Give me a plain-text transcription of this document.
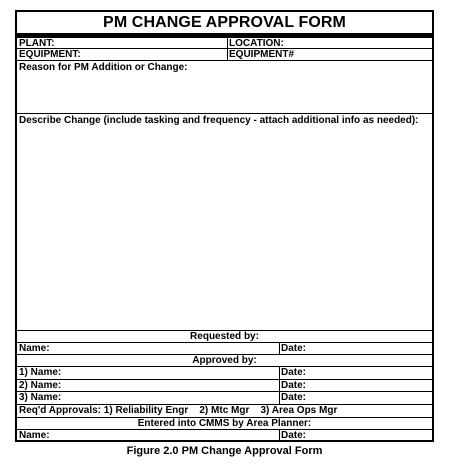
PM CHANGE APPROVAL FORM
PLANT:	LOCATION:
EQUIPMENT:	EQUIPMENT#
Reason for PM Addition or Change:
Describe Change (include tasking and frequency - attach additional info as needed):
Requested by:
Name:	Date:
Approved by:
1) Name:	Date:
2) Name:	Date:
3) Name:	Date:
Req'd Approvals: 1) Reliability Engr    2) Mtc Mgr    3) Area Ops Mgr
Entered into CMMS by Area Planner:
Name:	Date:
Figure 2.0 PM Change Approval Form
